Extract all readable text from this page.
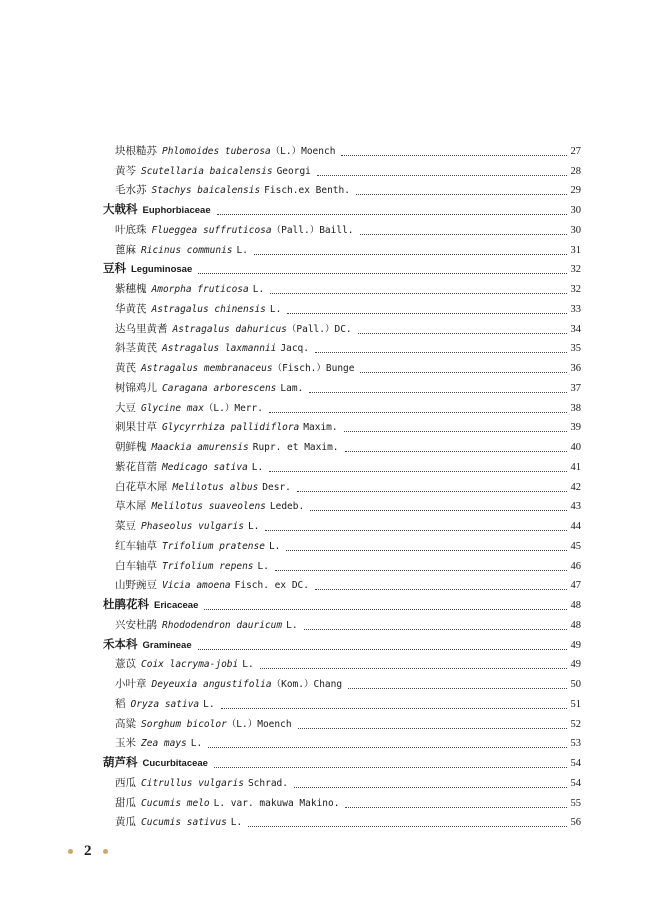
块根糙苏 Phlomoides tuberosa（L.）Moench	27
黄芩 Scutellaria baicalensis Georgi	28
毛水苏 Stachys baicalensis Fisch.ex Benth.	29
大戟科 Euphorbiaceae	30
叶底珠 Flueggea suffruticosa（Pall.）Baill.	30
蓖麻 Ricinus communis L.	31
豆科 Leguminosae	32
紫穗槐 Amorpha fruticosa L.	32
华黄芪 Astragalus chinensis L.	33
达乌里黄耆 Astragalus dahuricus（Pall.）DC.	34
斜茎黄芪 Astragalus laxmannii Jacq.	35
黄芪 Astragalus membranaceus（Fisch.）Bunge	36
树锦鸡儿 Caragana arborescens Lam.	37
大豆 Glycine max（L.）Merr.	38
刺果甘草 Glycyrrhiza pallidiflora Maxim.	39
朝鲜槐 Maackia amurensis Rupr. et Maxim.	40
紫花苜蓿 Medicago sativa L.	41
白花草木犀 Melilotus albus Desr.	42
草木犀 Melilotus suaveolens Ledeb.	43
菜豆 Phaseolus vulgaris L.	44
红车轴草 Trifolium pratense L.	45
白车轴草 Trifolium repens L.	46
山野豌豆 Vicia amoena Fisch. ex DC.	47
杜鹃花科 Ericaceae	48
兴安杜鹃 Rhododendron dauricum L.	48
禾本科 Gramineae	49
薏苡 Coix lacryma-jobi L.	49
小叶章 Deyeuxia angustifolia（Kom.）Chang	50
稻 Oryza sativa L.	51
高粱 Sorghum bicolor（L.）Moench	52
玉米 Zea mays L.	53
葫芦科 Cucurbitaceae	54
西瓜 Citrullus vulgaris Schrad.	54
甜瓜 Cucumis melo L. var. makuwa Makino.	55
黄瓜 Cucumis sativus L.	56
2
